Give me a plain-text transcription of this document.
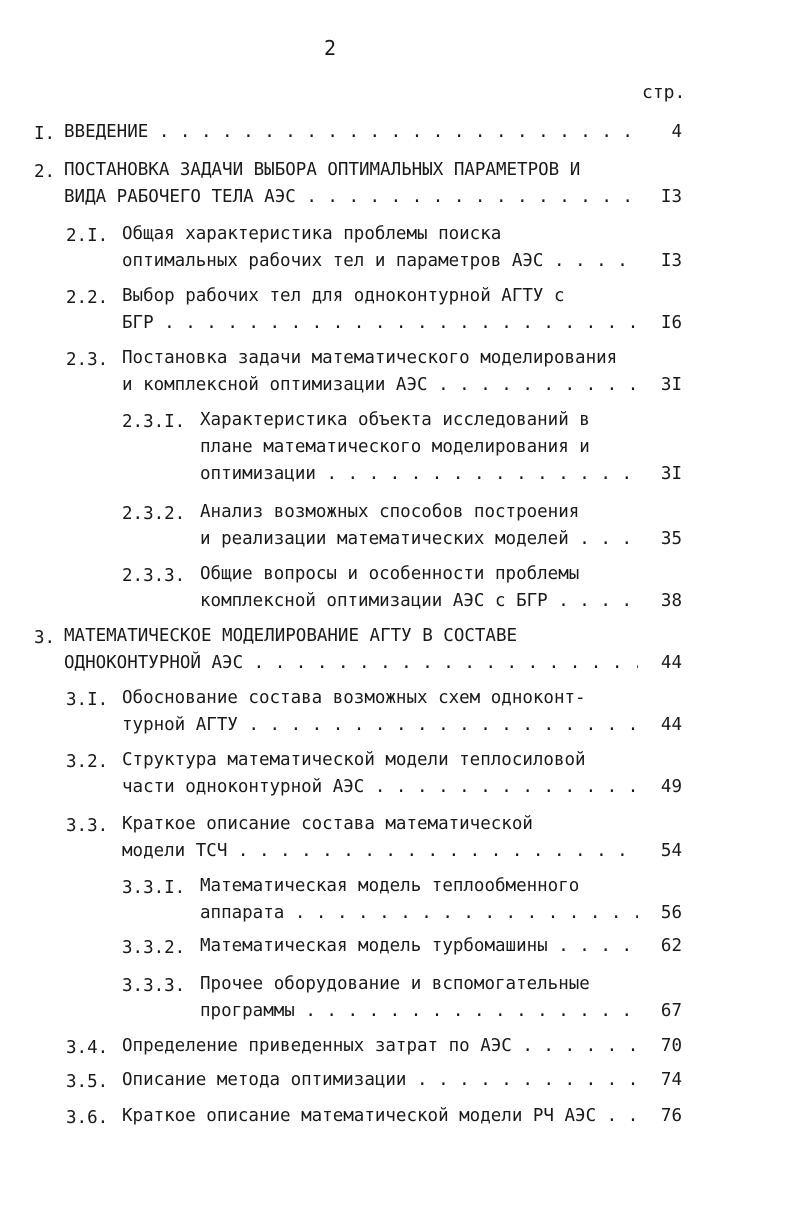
2
стр.
I. ВВЕДЕНИЕ . . .	4
2. ПОСТАНОВКА ЗАДАЧИ ВЫБОРА ОПТИМАЛЬНЫХ ПАРАМЕТРОВ И
ВИДА РАБОЧЕГО ТЕЛА АЭС . . .	I3
2.I. Общая характеристика проблемы поиска
оптимальных рабочих тел и параметров АЭС . . .	I3
2.2. Выбор рабочих тел для одноконтурной АГТУ с
БГР . . .	I6
2.3. Постановка задачи математического моделирования
и комплексной оптимизации АЭС . . .	3I
2.3.I. Характеристика объекта исследований в
плане математического моделирования и
оптимизации . . .	3I
2.3.2. Анализ возможных способов построения
и реализации математических моделей . . .	35
2.3.3. Общие вопросы и особенности проблемы
комплексной оптимизации АЭС с БГР . . .	38
3. МАТЕМАТИЧЕСКОЕ МОДЕЛИРОВАНИЕ АГТУ В СОСТАВЕ
ОДНОКОНТУРНОЙ АЭС . . .	44
3.I. Обоснование состава возможных схем одноконт-
турной АГТУ . . .	44
3.2. Структура математической модели теплосиловой
части одноконтурной АЭС . . .	49
3.3. Краткое описание состава математической
модели ТСЧ . . .	54
3.3.I. Математическая модель теплообменного
аппарата . . .	56
3.3.2. Математическая модель турбомашины . . .	62
3.3.3. Прочее оборудование и вспомогательные
программы . . .	67
3.4. Определение приведенных затрат по АЭС . . .	70
3.5. Описание метода оптимизации . . .	74
3.6. Краткое описание математической модели РЧ АЭС . . .	76
